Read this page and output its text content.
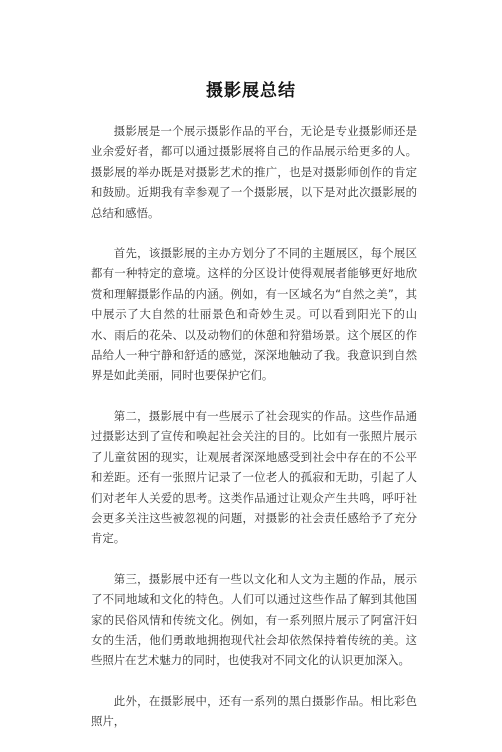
摄影展总结

摄影展是一个展示摄影作品的平台，无论是专业摄影师还是业余爱好者，都可以通过摄影展将自己的作品展示给更多的人。摄影展的举办既是对摄影艺术的推广，也是对摄影师创作的肯定和鼓励。近期我有幸参观了一个摄影展，以下是对此次摄影展的总结和感悟。

首先，该摄影展的主办方划分了不同的主题展区，每个展区都有一种特定的意境。这样的分区设计使得观展者能够更好地欣赏和理解摄影作品的内涵。例如，有一区域名为“自然之美”，其中展示了大自然的壮丽景色和奇妙生灵。可以看到阳光下的山水、雨后的花朵、以及动物们的休憩和狩猎场景。这个展区的作品给人一种宁静和舒适的感觉，深深地触动了我。我意识到自然界是如此美丽，同时也要保护它们。

第二，摄影展中有一些展示了社会现实的作品。这些作品通过摄影达到了宣传和唤起社会关注的目的。比如有一张照片展示了儿童贫困的现实，让观展者深深地感受到社会中存在的不公平和差距。还有一张照片记录了一位老人的孤寂和无助，引起了人们对老年人关爱的思考。这类作品通过让观众产生共鸣，呼吁社会更多关注这些被忽视的问题，对摄影的社会责任感给予了充分肯定。

第三，摄影展中还有一些以文化和人文为主题的作品，展示了不同地域和文化的特色。人们可以通过这些作品了解到其他国家的民俗风情和传统文化。例如，有一系列照片展示了阿富汗妇女的生活，他们勇敢地拥抱现代社会却依然保持着传统的美。这些照片在艺术魅力的同时，也使我对不同文化的认识更加深入。

此外，在摄影展中，还有一系列的黑白摄影作品。相比彩色照片，
